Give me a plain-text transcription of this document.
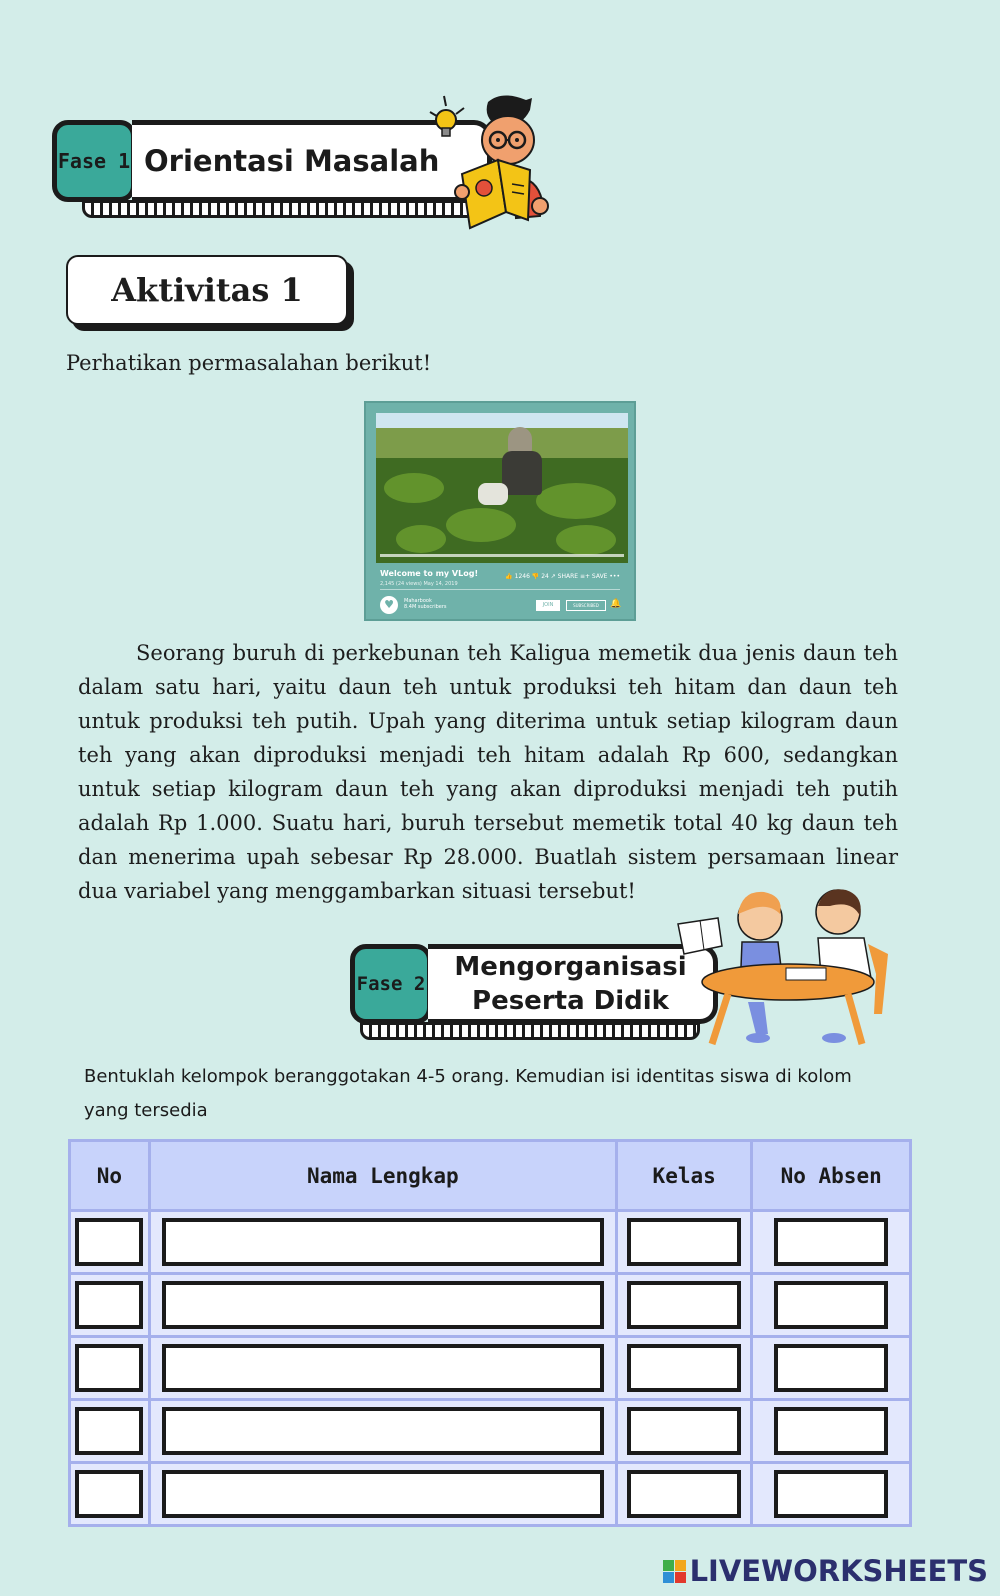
Fase 1 Orientasi Masalah
Aktivitas 1
Perhatikan permasalahan berikut!
Welcome to my VLog!
2,145 (24 views) May 14, 2019
👍 1246 👎 24 ↗ SHARE ≡+ SAVE •••
♥	Maharbook
8.4M subscribers	JOIN	SUBSCRIBED	🔔

Seorang buruh di perkebunan teh Kaligua memetik dua jenis daun teh dalam satu hari, yaitu daun teh untuk produksi teh hitam dan daun teh untuk produksi teh putih. Upah yang diterima untuk setiap kilogram daun teh yang akan diproduksi menjadi teh hitam adalah Rp 600, sedangkan untuk setiap kilogram daun teh yang akan diproduksi menjadi teh putih adalah Rp 1.000. Suatu hari, buruh tersebut memetik total 40 kg daun teh dan menerima upah sebesar Rp 28.000. Buatlah sistem persamaan linear dua variabel yang menggambarkan situasi tersebut!

Fase 2
Mengorganisasi
Peserta Didik
Bentuklah kelompok beranggotakan 4-5 orang. Kemudian isi identitas siswa di kolom yang tersedia
No	Nama Lengkap	Kelas	No Absen

LIVEWORKSHEETS
